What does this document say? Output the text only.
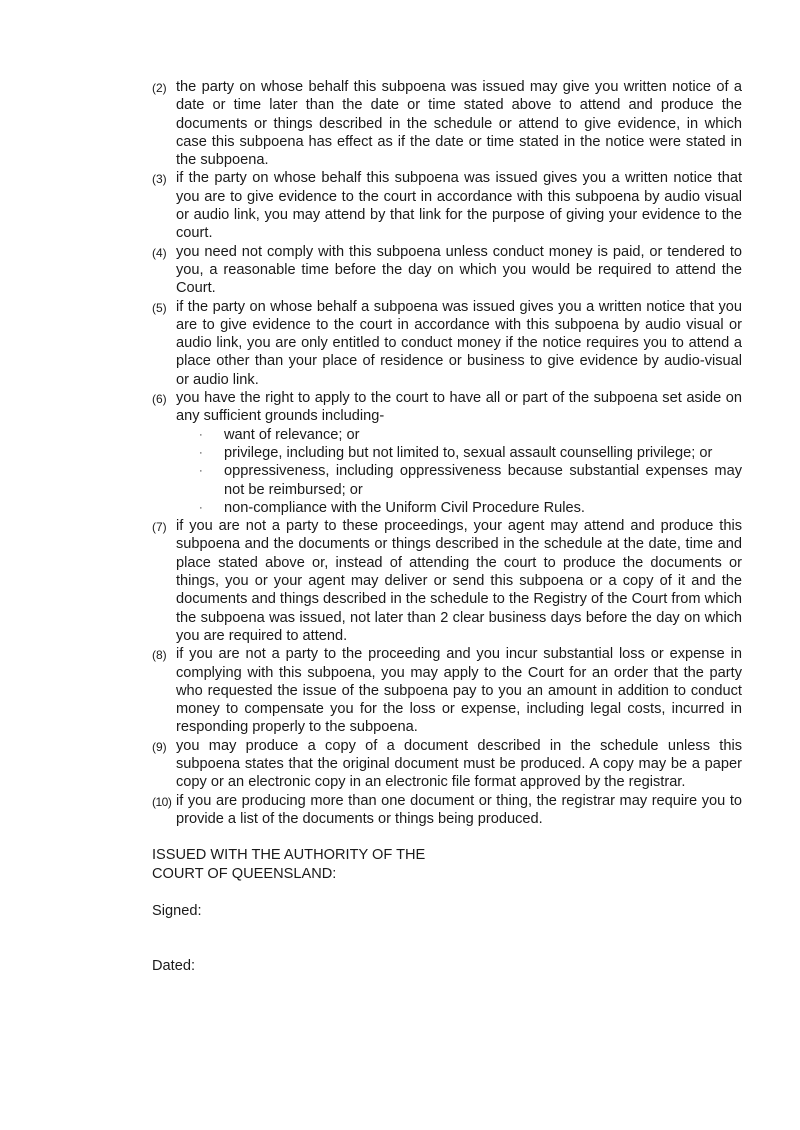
(2) the party on whose behalf this subpoena was issued may give you written notice of a date or time later than the date or time stated above to attend and produce the documents or things described in the schedule or attend to give evidence, in which case this subpoena has effect as if the date or time stated in the notice were stated in the subpoena.
(3) if the party on whose behalf this subpoena was issued gives you a written notice that you are to give evidence to the court in accordance with this subpoena by audio visual or audio link, you may attend by that link for the purpose of giving your evidence to the court.
(4) you need not comply with this subpoena unless conduct money is paid, or tendered to you, a reasonable time before the day on which you would be required to attend the Court.
(5) if the party on whose behalf a subpoena was issued gives you a written notice that you are to give evidence to the court in accordance with this subpoena by audio visual or audio link, you are only entitled to conduct money if the notice requires you to attend a place other than your place of residence or business to give evidence by audio-visual or audio link.
(6) you have the right to apply to the court to have all or part of the subpoena set aside on any sufficient grounds including-
· want of relevance; or
· privilege, including but not limited to, sexual assault counselling privilege; or
· oppressiveness, including oppressiveness because substantial expenses may not be reimbursed; or
· non-compliance with the Uniform Civil Procedure Rules.
(7) if you are not a party to these proceedings, your agent may attend and produce this subpoena and the documents or things described in the schedule at the date, time and place stated above or, instead of attending the court to produce the documents or things, you or your agent may deliver or send this subpoena or a copy of it and the documents and things described in the schedule to the Registry of the Court from which the subpoena was issued, not later than 2 clear business days before the day on which you are required to attend.
(8) if you are not a party to the proceeding and you incur substantial loss or expense in complying with this subpoena, you may apply to the Court for an order that the party who requested the issue of the subpoena pay to you an amount in addition to conduct money to compensate you for the loss or expense, including legal costs, incurred in responding properly to the subpoena.
(9) you may produce a copy of a document described in the schedule unless this subpoena states that the original document must be produced. A copy may be a paper copy or an electronic copy in an electronic file format approved by the registrar.
(10) if you are producing more than one document or thing, the registrar may require you to provide a list of the documents or things being produced.
ISSUED WITH THE AUTHORITY OF THE
COURT OF QUEENSLAND:
Signed:
Dated:
